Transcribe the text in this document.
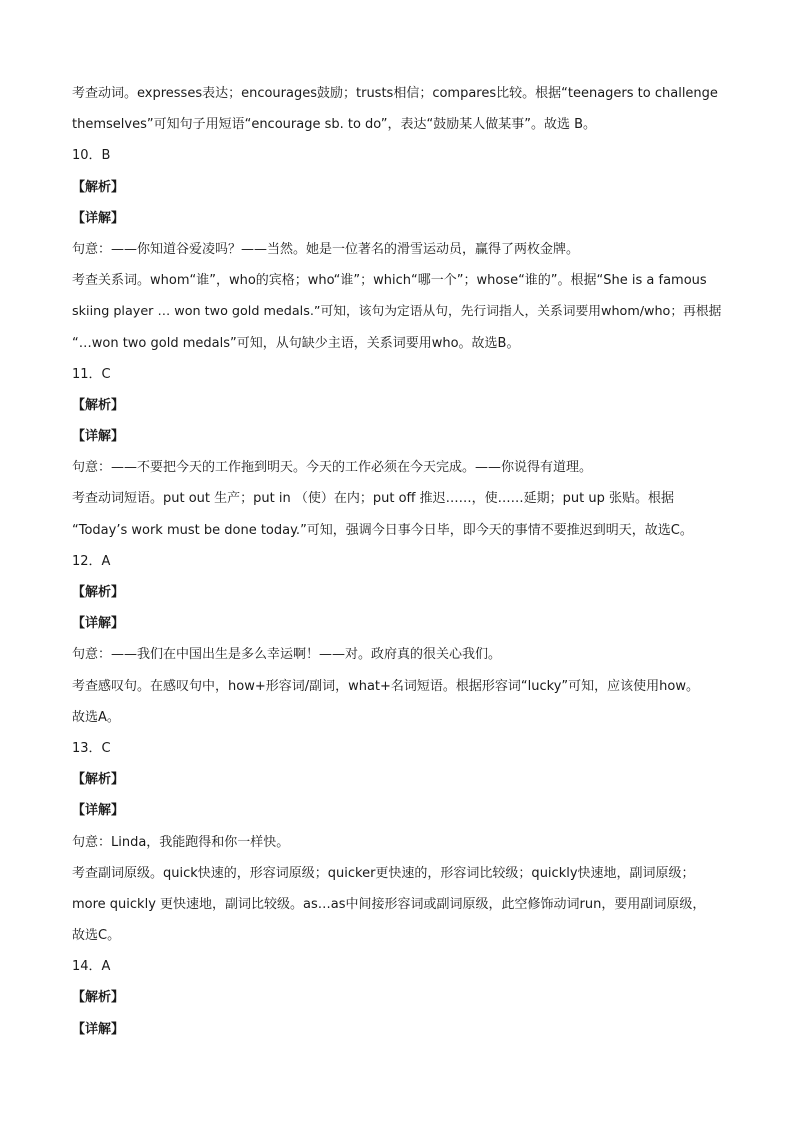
考查动词。expresses表达；encourages鼓励；trusts相信；compares比较。根据“teenagers to challenge
themselves”可知句子用短语“encourage sb. to do”，表达“鼓励某人做某事”。故选 B。
10．B
【解析】
【详解】
句意：——你知道谷爱凌吗？——当然。她是一位著名的滑雪运动员，赢得了两枚金牌。
考查关系词。whom“谁”，who的宾格；who“谁”；which“哪一个”；whose“谁的”。根据“She is a famous
skiing player … won two gold medals.”可知，该句为定语从句，先行词指人，关系词要用whom/who；再根据
“…won two gold medals”可知，从句缺少主语，关系词要用who。故选B。
11．C
【解析】
【详解】
句意：——不要把今天的工作拖到明天。今天的工作必须在今天完成。——你说得有道理。
考查动词短语。put out 生产；put in （使）在内；put off 推迟……，使……延期；put up 张贴。根据
“Today’s work must be done today.”可知，强调今日事今日毕，即今天的事情不要推迟到明天，故选C。
12．A
【解析】
【详解】
句意：——我们在中国出生是多么幸运啊！——对。政府真的很关心我们。
考查感叹句。在感叹句中，how+形容词/副词，what+名词短语。根据形容词“lucky”可知，应该使用how。
故选A。
13．C
【解析】
【详解】
句意：Linda，我能跑得和你一样快。
考查副词原级。quick快速的，形容词原级；quicker更快速的，形容词比较级；quickly快速地，副词原级；
more quickly 更快速地，副词比较级。as…as中间接形容词或副词原级，此空修饰动词run，要用副词原级，
故选C。
14．A
【解析】
【详解】
